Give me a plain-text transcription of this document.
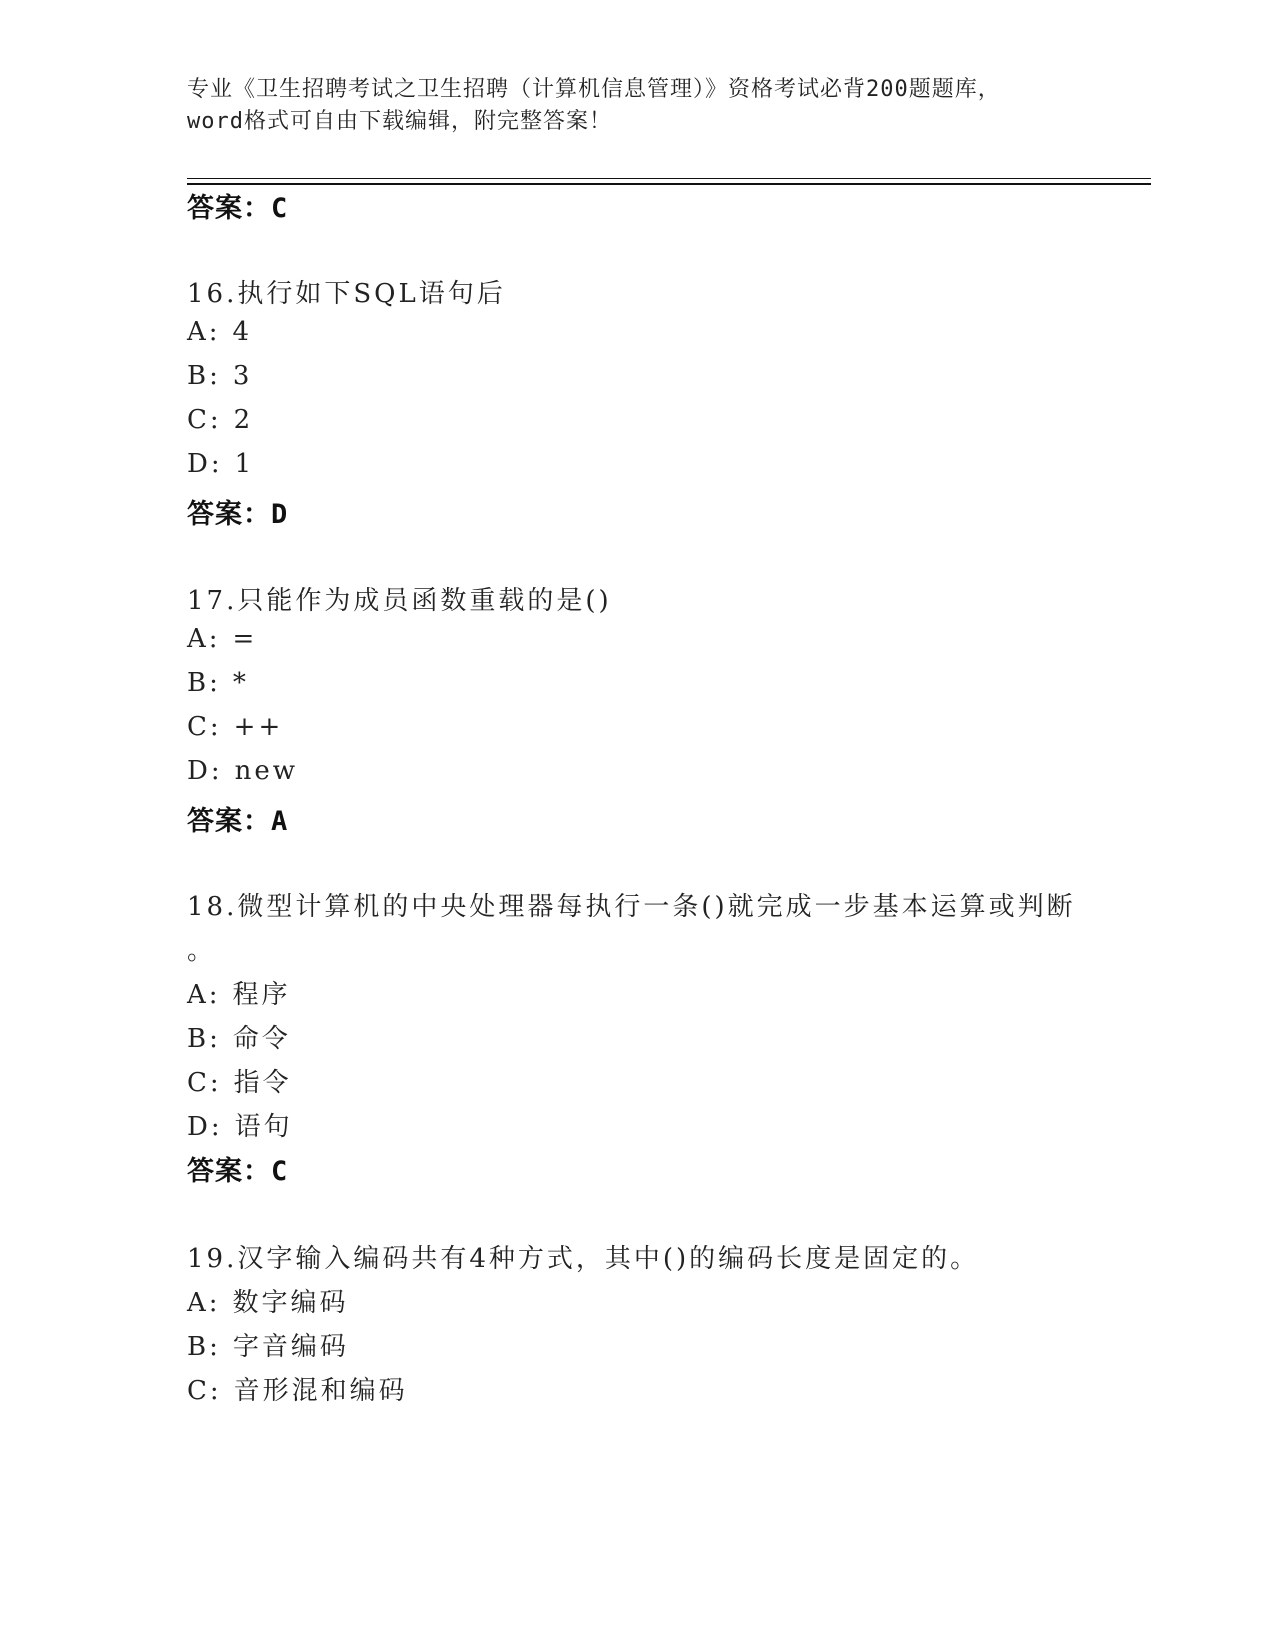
专业《卫生招聘考试之卫生招聘（计算机信息管理）》资格考试必背200题题库，
word格式可自由下载编辑，附完整答案！
答案：C
16.执行如下SQL语句后
A: 4
B: 3
C: 2
D: 1
答案：D
17.只能作为成员函数重载的是()
A: =
B: *
C: ++
D: new
答案：A
18.微型计算机的中央处理器每执行一条()就完成一步基本运算或判断
。
A: 程序
B: 命令
C: 指令
D: 语句
答案：C
19.汉字输入编码共有4种方式，其中()的编码长度是固定的。
A: 数字编码
B: 字音编码
C: 音形混和编码
